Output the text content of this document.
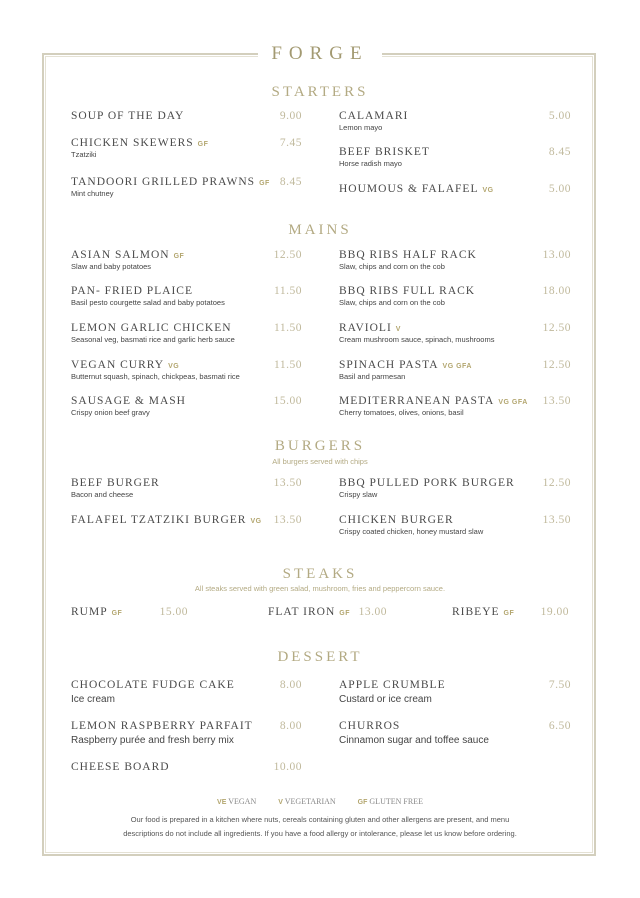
FORGE
STARTERS
MAINS
BURGERS
All burgers served with chips
STEAKS
All steaks served with green salad, mushroom, fries and peppercorn sauce.
DESSERT
SOUP OF THE DAY	9.00
CHICKEN SKEWERS GF	7.45
Tzatziki
TANDOORI GRILLED PRAWNS GF 8.45
Mint chutney
CALAMARI	5.00
Lemon mayo
BEEF BRISKET	8.45
Horse radish mayo
HOUMOUS & FALAFEL VG	5.00
ASIAN SALMON GF	12.50
Slaw and baby potatoes
PAN- FRIED PLAICE	11.50
Basil pesto courgette salad and baby potatoes
LEMON GARLIC CHICKEN	11.50
Seasonal veg, basmati rice and garlic herb sauce
VEGAN CURRY VG	11.50
Butternut squash, spinach, chickpeas, basmati rice
SAUSAGE & MASH	15.00
Crispy onion beef gravy
BBQ RIBS HALF RACK	13.00
Slaw, chips and corn on the cob
BBQ RIBS FULL RACK	18.00
Slaw, chips and corn on the cob
RAVIOLI V	12.50
Cream mushroom sauce, spinach, mushrooms
SPINACH PASTA VG GFA	12.50
Basil and parmesan
MEDITERRANEAN PASTA VG GFA	13.50
Cherry tomatoes, olives, onions, basil
BEEF BURGER	13.50
Bacon and cheese
FALAFEL TZATZIKI BURGER VG	13.50
BBQ PULLED PORK BURGER	12.50
Crispy slaw
CHICKEN BURGER	13.50
Crispy coated chicken, honey mustard slaw
CHOCOLATE FUDGE CAKE	8.00
Ice cream
LEMON RASPBERRY PARFAIT	8.00
Raspberry purée and fresh berry mix
CHEESE BOARD	10.00
APPLE CRUMBLE	7.50
Custard or ice cream
CHURROS	6.50
Cinnamon sugar and toffee sauce
RUMP GF	15.00	FLAT IRON GF 13.00	RIBEYE GF	19.00
VE VEGAN	V VEGETARIAN	GF GLUTEN FREE
Our food is prepared in a kitchen where nuts, cereals containing gluten and other allergens are present, and menu
descriptions do not include all ingredients. If you have a food allergy or intolerance, please let us know before ordering.
